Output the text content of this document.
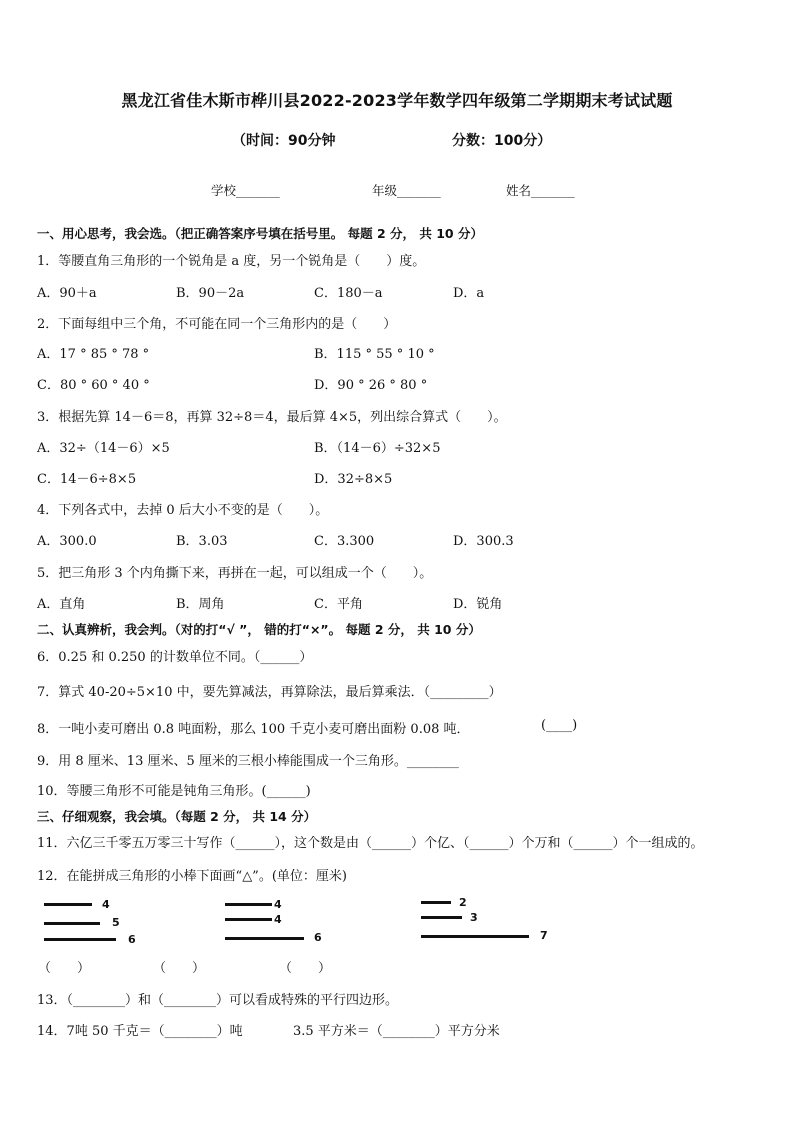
黑龙江省佳木斯市桦川县2022-2023学年数学四年级第二学期期末考试试题
（时间：90分钟	分数：100分）
学校_______	年级_______	姓名_______
一、用心思考，我会选。（把正确答案序号填在括号里。 每题 2 分， 共 10 分）
1．等腰直角三角形的一个锐角是 a 度，另一个锐角是（　　）度。
A．90＋a	B．90－2a	C．180－a	D．a
2．下面每组中三个角，不可能在同一个三角形内的是（　　）
A．17 ° 85 ° 78 °	B．115 ° 55 ° 10 °
C．80 ° 60 ° 40 °	D．90 ° 26 ° 80 °
3．根据先算 14－6＝8，再算 32÷8＝4，最后算 4×5，列出综合算式（　　）。
A．32÷（14－6）×5	B．（14－6）÷32×5
C．14－6÷8×5	D．32÷8×5
4．下列各式中，去掉 0 后大小不变的是（　　）。
A．300.0	B．3.03	C．3.300	D．300.3
5．把三角形 3 个内角撕下来，再拼在一起，可以组成一个（　　）。
A．直角	B．周角	C．平角	D．锐角
二、认真辨析，我会判。（对的打“√ ”， 错的打“×”。 每题 2 分， 共 10 分）
6．0.25 和 0.250 的计数单位不同。（______）
7．算式 40-20÷5×10 中，要先算减法，再算除法，最后算乘法．（_________）
8．一吨小麦可磨出 0.8 吨面粉，那么 100 千克小麦可磨出面粉 0.08 吨．	(____)
9．用 8 厘米、13 厘米、5 厘米的三根小棒能围成一个三角形。________
10．等腰三角形不可能是钝角三角形。(______)
三、仔细观察，我会填。（每题 2 分， 共 14 分）
11．六亿三千零五万零三十写作（______），这个数是由（______）个亿、（______）个万和（______）个一组成的。
12．在能拼成三角形的小棒下面画“△”。(单位：厘米)
4
5
6
（　　）
4
4
6
（　　）
2
3
7
（　　）
13．（________）和（________）可以看成特殊的平行四边形。
14．7吨 50 千克＝（________）吨	3.5 平方米＝（________）平方分米
